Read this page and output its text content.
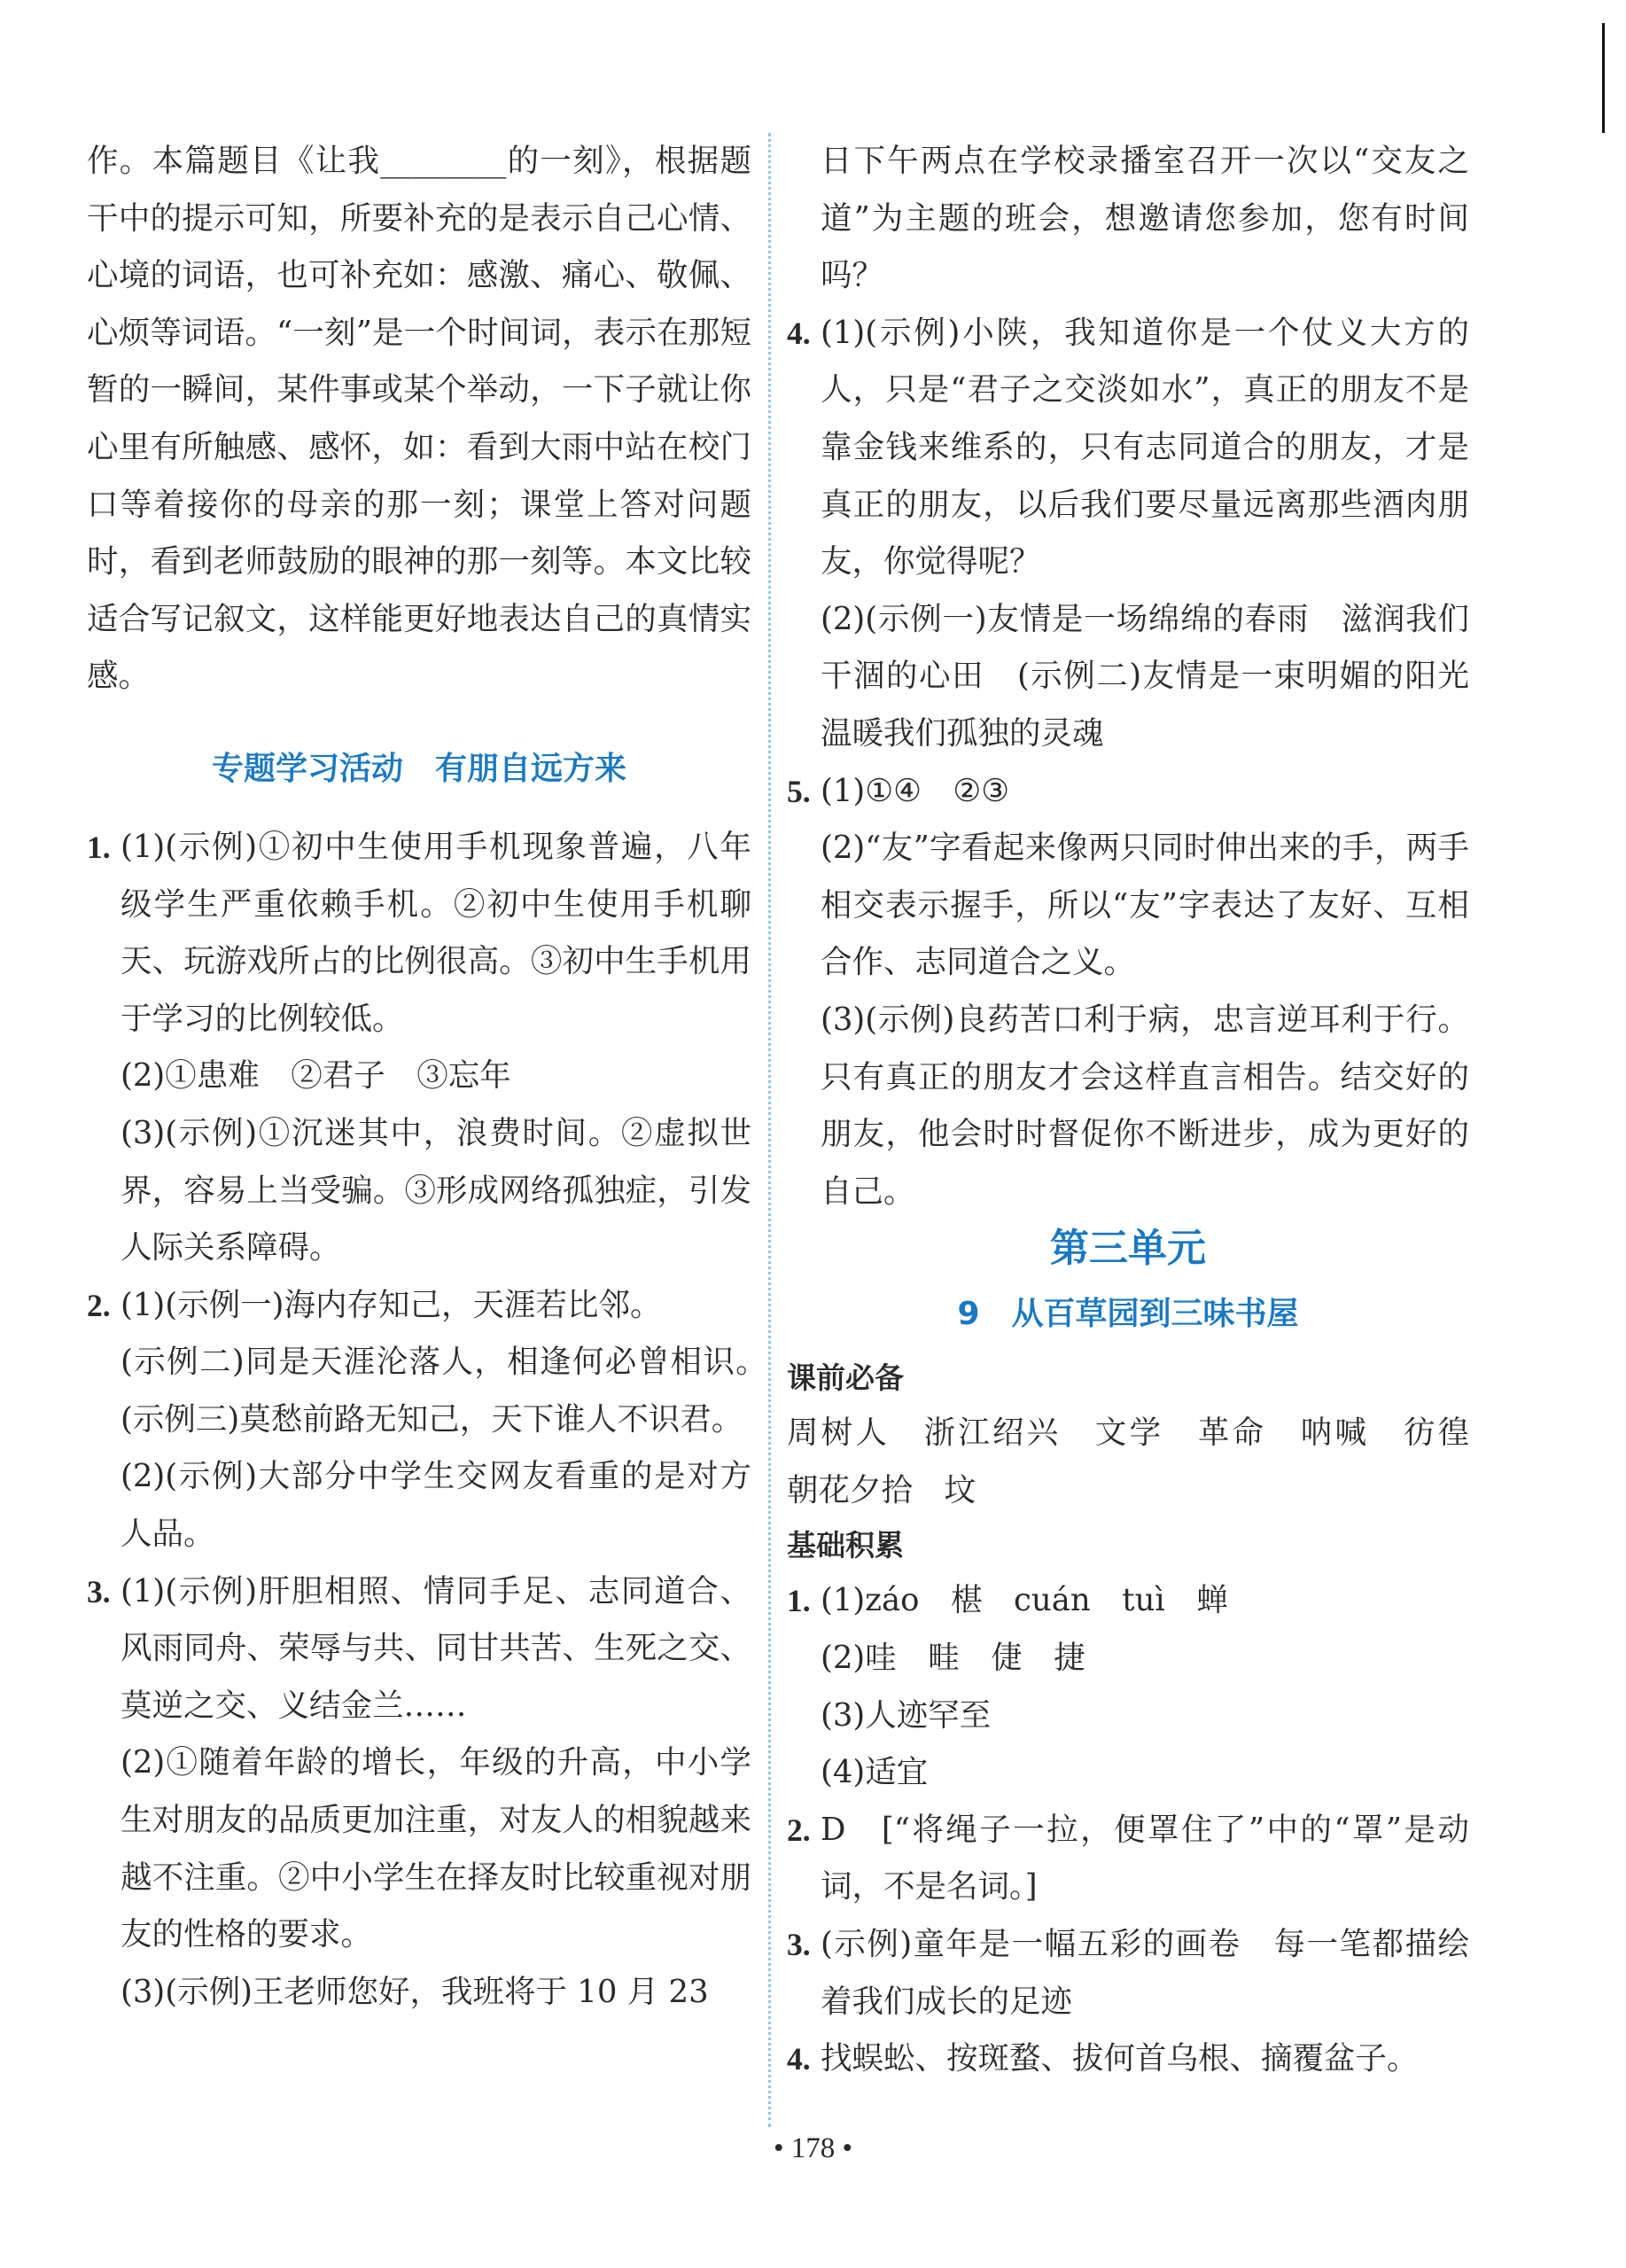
作。本篇题目《让我________的一刻》，根据题干中的提示可知，所要补充的是表示自己心情、心境的词语，也可补充如：感激、痛心、敬佩、心烦等词语。“一刻”是一个时间词，表示在那短暂的一瞬间，某件事或某个举动，一下子就让你心里有所触感、感怀，如：看到大雨中站在校门口等着接你的母亲的那一刻；课堂上答对问题时，看到老师鼓励的眼神的那一刻等。本文比较适合写记叙文，这样能更好地表达自己的真情实感。

专题学习活动　有朋自远方来
1. (1)(示例)①初中生使用手机现象普遍，八年级学生严重依赖手机。②初中生使用手机聊天、玩游戏所占的比例很高。③初中生手机用于学习的比例较低。
(2)①患难　②君子　③忘年
(3)(示例)①沉迷其中，浪费时间。②虚拟世界，容易上当受骗。③形成网络孤独症，引发人际关系障碍。
2. (1)(示例一)海内存知己，天涯若比邻。
(示例二)同是天涯沦落人，相逢何必曾相识。　(示例三)莫愁前路无知己，天下谁人不识君。
(2)(示例)大部分中学生交网友看重的是对方人品。
3. (1)(示例)肝胆相照、情同手足、志同道合、风雨同舟、荣辱与共、同甘共苦、生死之交、莫逆之交、义结金兰……
(2)①随着年龄的增长，年级的升高，中小学生对朋友的品质更加注重，对友人的相貌越来越不注重。②中小学生在择友时比较重视对朋友的性格的要求。
(3)(示例)王老师您好，我班将于 10 月 23
日下午两点在学校录播室召开一次以“交友之道”为主题的班会，想邀请您参加，您有时间吗？
4. (1)(示例)小陕，我知道你是一个仗义大方的人，只是“君子之交淡如水”，真正的朋友不是靠金钱来维系的，只有志同道合的朋友，才是真正的朋友，以后我们要尽量远离那些酒肉朋友，你觉得呢？
(2)(示例一)友情是一场绵绵的春雨　滋润我们干涸的心田　(示例二)友情是一束明媚的阳光　温暖我们孤独的灵魂
5. (1)①④　②③
(2)“友”字看起来像两只同时伸出来的手，两手相交表示握手，所以“友”字表达了友好、互相合作、志同道合之义。
(3)(示例)良药苦口利于病，忠言逆耳利于行。只有真正的朋友才会这样直言相告。结交好的朋友，他会时时督促你不断进步，成为更好的自己。
第三单元
9　从百草园到三味书屋
课前必备

周树人　浙江绍兴　文学　革命　呐喊　彷徨　朝花夕拾　坟

基础积累
1. (1)záo　椹　cuán　tuì　蝉
(2)哇　畦　倢　捷
(3)人迹罕至
(4)适宜
2. D　[“将绳子一拉，便罩住了”中的“罩”是动词，不是名词。]
3. (示例)童年是一幅五彩的画卷　每一笔都描绘着我们成长的足迹
4. 找蜈蚣、按斑蝥、拔何首乌根、摘覆盆子。
• 178 •
